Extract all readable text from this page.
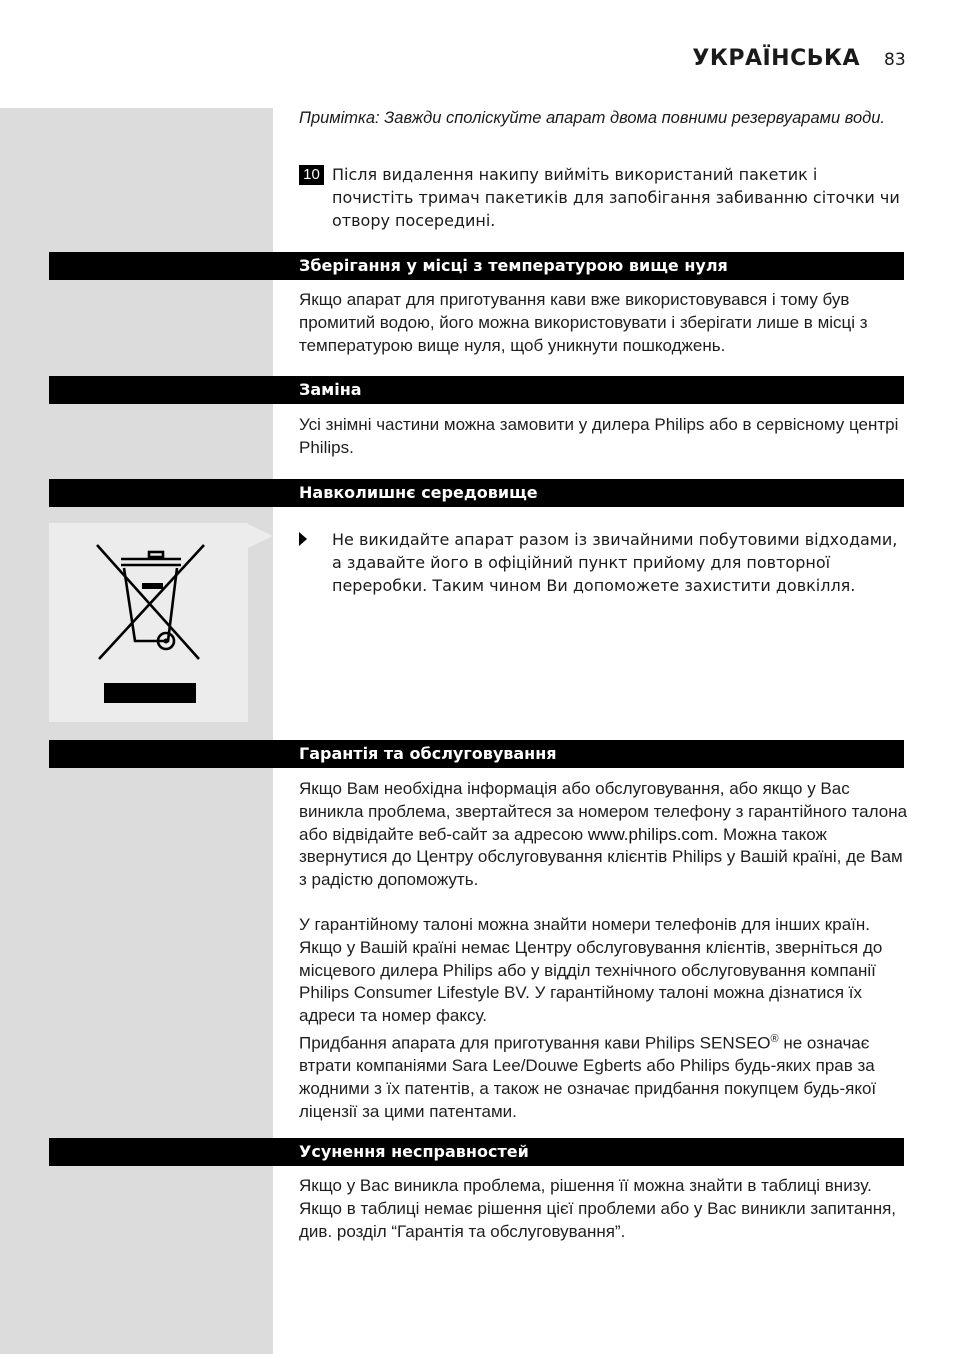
УКРАЇНСЬКА 83
Примітка: Завжди споліскуйте апарат двома повними резервуарами води.
10 Після видалення накипу вийміть використаний пакетик і почистіть тримач пакетиків для запобігання забиванню сіточки чи отвору посередині.
Зберігання у місці з температурою вище нуля
Якщо апарат для приготування кави вже використовувався і тому був промитий водою, його можна використовувати і зберігати лише в місці з температурою вище нуля, щоб уникнути пошкоджень.
Заміна
Усі знімні частини можна замовити у дилера Philips або в сервісному центрі Philips.
Навколишнє середовище
Не викидайте апарат разом із звичайними побутовими відходами, а здавайте його в офіційний пункт прийому для повторної переробки. Таким чином Ви допоможете захистити довкілля.
Гарантія та обслуговування
Якщо Вам необхідна інформація або обслуговування, або якщо у Вас виникла проблема, звертайтеся за номером телефону з гарантійного талона або відвідайте веб-сайт за адресою www.philips.com. Можна також звернутися до Центру обслуговування клієнтів Philips у Вашій країні, де Вам з радістю допоможуть.
У гарантійному талоні можна знайти номери телефонів для інших країн. Якщо у Вашій країні немає Центру обслуговування клієнтів, зверніться до місцевого дилера Philips або у відділ технічного обслуговування компанії Philips Consumer Lifestyle BV. У гарантійному талоні можна дізнатися їх адреси та номер факсу.
Придбання апарата для приготування кави Philips SENSEO® не означає втрати компаніями Sara Lee/Douwe Egberts або Philips будь-яких прав за жодними з їх патентів, а також не означає придбання покупцем будь-якої ліцензії за цими патентами.
Усунення несправностей
Якщо у Вас виникла проблема, рішення її можна знайти в таблиці внизу. Якщо в таблиці немає рішення цієї проблеми або у Вас виникли запитання, див. розділ “Гарантія та обслуговування”.
